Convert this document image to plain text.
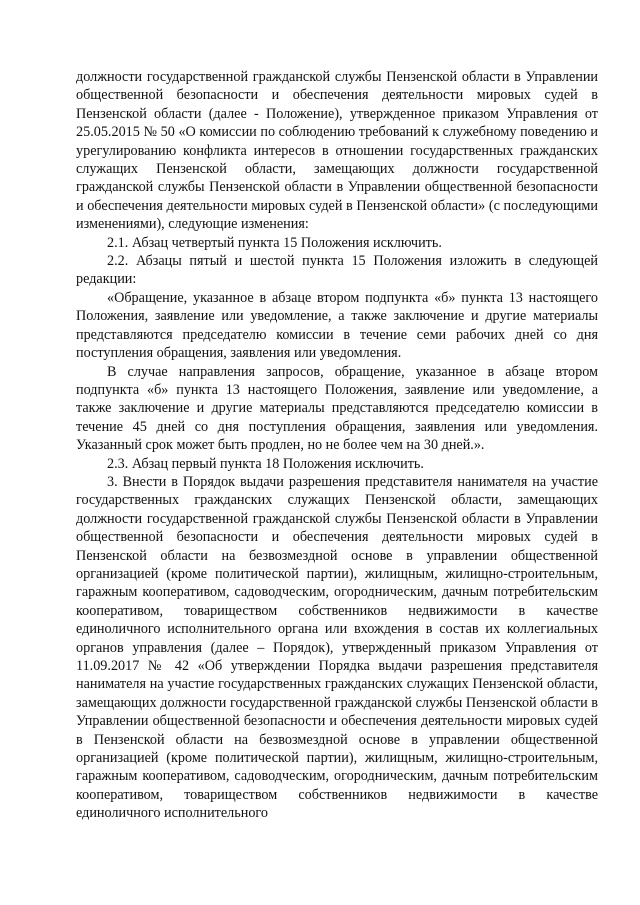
должности государственной гражданской службы Пензенской области в Управлении общественной безопасности и обеспечения деятельности мировых судей в Пензенской области (далее - Положение), утвержденное приказом Управления от 25.05.2015 № 50 «О комиссии по соблюдению требований к служебному поведению и урегулированию конфликта интересов в отношении государственных гражданских служащих Пензенской области, замещающих должности государственной гражданской службы Пензенской области в Управлении общественной безопасности и обеспечения деятельности мировых судей в Пензенской области» (с последующими изменениями), следующие изменения:

2.1. Абзац четвертый пункта 15 Положения исключить.

2.2. Абзацы пятый и шестой пункта 15 Положения изложить в следующей редакции:

«Обращение, указанное в абзаце втором подпункта «б» пункта 13 настоящего Положения, заявление или уведомление, а также заключение и другие материалы представляются председателю комиссии в течение семи рабочих дней со дня поступления обращения, заявления или уведомления.

В случае направления запросов, обращение, указанное в абзаце втором подпункта «б» пункта 13 настоящего Положения, заявление или уведомление, а также заключение и другие материалы представляются председателю комиссии в течение 45 дней со дня поступления обращения, заявления или уведомления. Указанный срок может быть продлен, но не более чем на 30 дней.».

2.3. Абзац первый пункта 18 Положения исключить.

3. Внести в Порядок выдачи разрешения представителя нанимателя на участие государственных гражданских служащих Пензенской области, замещающих должности государственной гражданской службы Пензенской области в Управлении общественной безопасности и обеспечения деятельности мировых судей в Пензенской области на безвозмездной основе в управлении общественной организацией (кроме политической партии), жилищным, жилищно-строительным, гаражным кооперативом, садоводческим, огородническим, дачным потребительским кооперативом, товариществом собственников недвижимости в качестве единоличного исполнительного органа или вхождения в состав их коллегиальных органов управления (далее – Порядок), утвержденный приказом Управления от 11.09.2017 № 42 «Об утверждении Порядка выдачи разрешения представителя нанимателя на участие государственных гражданских служащих Пензенской области, замещающих должности государственной гражданской службы Пензенской области в Управлении общественной безопасности и обеспечения деятельности мировых судей в Пензенской области на безвозмездной основе в управлении общественной организацией (кроме политической партии), жилищным, жилищно-строительным, гаражным кооперативом, садоводческим, огородническим, дачным потребительским кооперативом, товариществом собственников недвижимости в качестве единоличного исполнительного
